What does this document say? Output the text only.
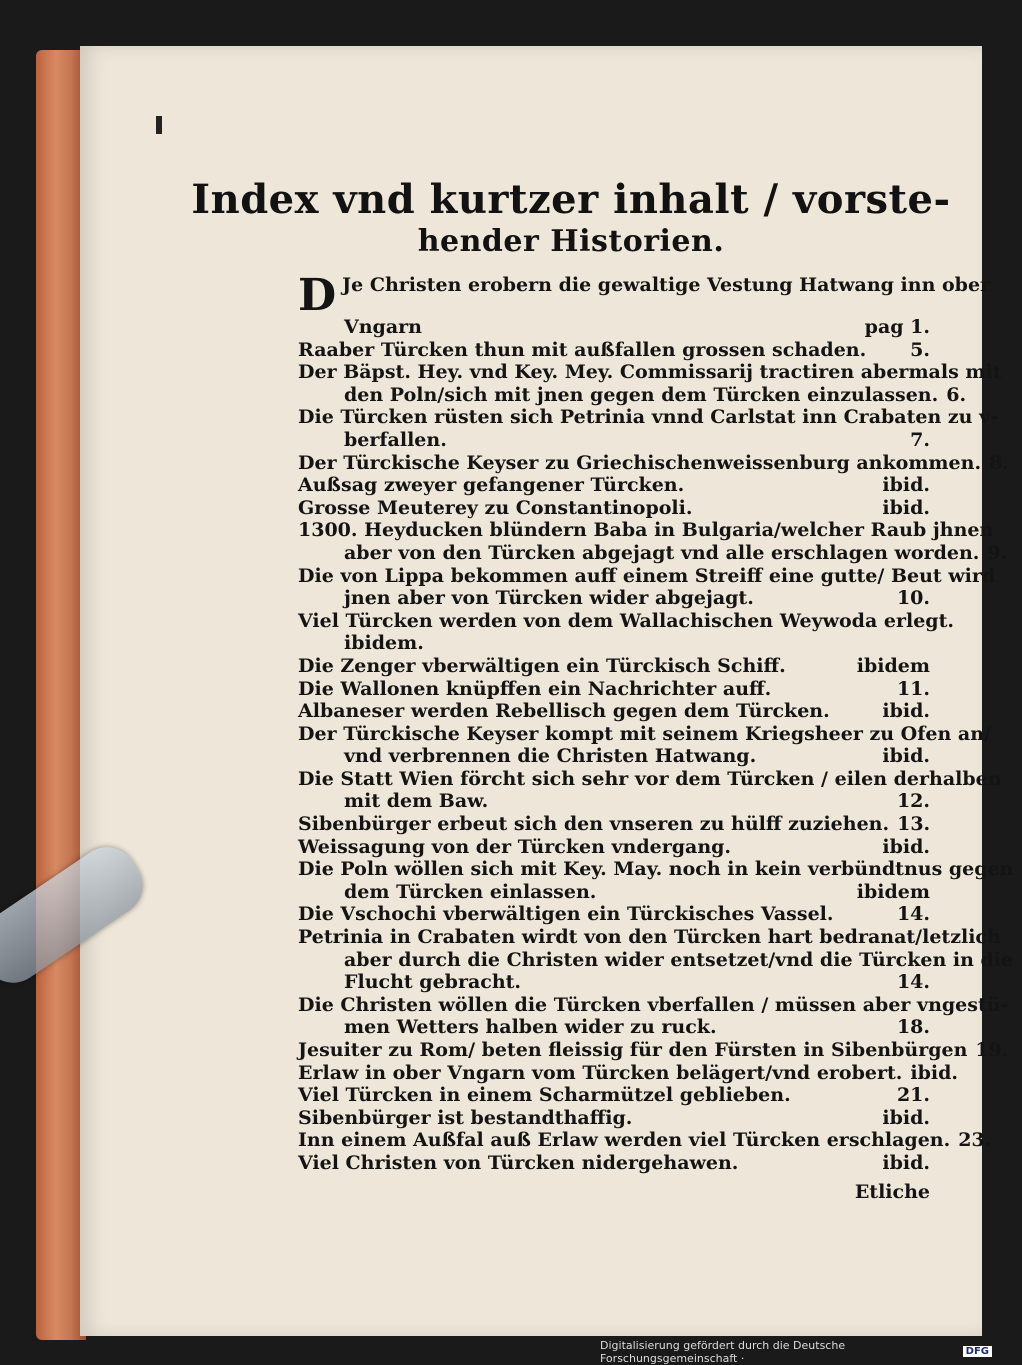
Index vnd kurtzer inhalt / vorste-
hender Historien.
D Je Christen erobern die gewaltige Vestung Hatwang inn ober
Vngarn	pag 1.
Raaber Türcken thun mit außfallen grossen schaden.	5.
Der Bäpst. Hey. vnd Key. Mey. Commissarij tractiren abermals mit
den Poln/sich mit jnen gegen dem Türcken einzulassen. 6.
Die Türcken rüsten sich Petrinia vnnd Carlstat inn Crabaten zu v-
berfallen.	7.
Der Türckische Keyser zu Griechischenweissenburg ankommen. 8.
Außsag zweyer gefangener Türcken.	ibid.
Grosse Meuterey zu Constantinopoli.	ibid.
1300. Heyducken blündern Baba in Bulgaria/welcher Raub jhnen
aber von den Türcken abgejagt vnd alle erschlagen worden. 9.
Die von Lippa bekommen auff einem Streiff eine gutte/ Beut wird
jnen aber von Türcken wider abgejagt.	10.
Viel Türcken werden von dem Wallachischen Weywoda erlegt.
ibidem.
Die Zenger vberwältigen ein Türckisch Schiff.	ibidem
Die Wallonen knüpffen ein Nachrichter auff.	11.
Albaneser werden Rebellisch gegen dem Türcken.	ibid.
Der Türckische Keyser kompt mit seinem Kriegsheer zu Ofen an/
vnd verbrennen die Christen Hatwang.	ibid.
Die Statt Wien förcht sich sehr vor dem Türcken / eilen derhalben
mit dem Baw.	12.
Sibenbürger erbeut sich den vnseren zu hülff zuziehen. 13.
Weissagung von der Türcken vndergang.	ibid.
Die Poln wöllen sich mit Key. May. noch in kein verbündtnus gegen
dem Türcken einlassen.	ibidem
Die Vschochi vberwältigen ein Türckisches Vassel.	14.
Petrinia in Crabaten wirdt von den Türcken hart bedranat/letzlich
aber durch die Christen wider entsetzet/vnd die Türcken in die
Flucht gebracht.	14.
Die Christen wöllen die Türcken vberfallen / müssen aber vngestü-
men Wetters halben wider zu ruck.	18.
Jesuiter zu Rom/ beten fleissig für den Fürsten in Sibenbürgen 19.
Erlaw in ober Vngarn vom Türcken belägert/vnd erobert. ibid.
Viel Türcken in einem Scharmützel geblieben.	21.
Sibenbürger ist bestandthaffig.	ibid.
Inn einem Außfal auß Erlaw werden viel Türcken erschlagen. 23.
Viel Christen von Türcken nidergehawen.	ibid.
Etliche
Digitalisierung gefördert durch die Deutsche Forschungsgemeinschaft ·	DFG
